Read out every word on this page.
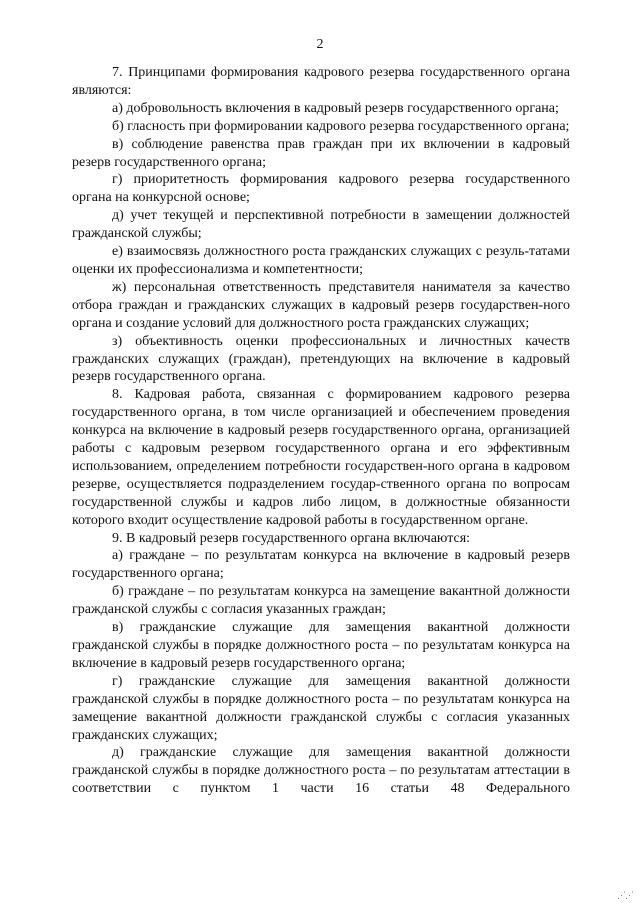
2

7. Принципами формирования кадрового резерва государственного органа являются:

а) добровольность включения в кадровый резерв государственного органа;

б) гласность при формировании кадрового резерва государственного органа;

в) соблюдение равенства прав граждан при их включении в кадровый резерв государственного органа;

г) приоритетность формирования кадрового резерва государственного органа на конкурсной основе;

д) учет текущей и перспективной потребности в замещении должностей гражданской службы;

е) взаимосвязь должностного роста гражданских служащих с резуль-татами оценки их профессионализма и компетентности;

ж) персональная ответственность представителя нанимателя за качество отбора граждан и гражданских служащих в кадровый резерв государствен-ного органа и создание условий для должностного роста гражданских служащих;

з) объективность оценки профессиональных и личностных качеств гражданских служащих (граждан), претендующих на включение в кадровый резерв государственного органа.

8. Кадровая работа, связанная с формированием кадрового резерва государственного органа, в том числе организацией и обеспечением проведения конкурса на включение в кадровый резерв государственного органа, организацией работы с кадровым резервом государственного органа и его эффективным использованием, определением потребности государствен-ного органа в кадровом резерве, осуществляется подразделением государ-ственного органа по вопросам государственной службы и кадров либо лицом, в должностные обязанности которого входит осуществление кадровой работы в государственном органе.

9. В кадровый резерв государственного органа включаются:

а) граждане – по результатам конкурса на включение в кадровый резерв государственного органа;

б) граждане – по результатам конкурса на замещение вакантной должности гражданской службы с согласия указанных граждан;

в) гражданские служащие для замещения вакантной должности гражданской службы в порядке должностного роста – по результатам конкурса на включение в кадровый резерв государственного органа;

г) гражданские служащие для замещения вакантной должности гражданской службы в порядке должностного роста – по результатам конкурса на замещение вакантной должности гражданской службы с согласия указанных гражданских служащих;

д) гражданские служащие для замещения вакантной должности гражданской службы в порядке должностного роста – по результатам аттестации в соответствии с пунктом 1 части 16 статьи 48 Федерального

⋰⋰
